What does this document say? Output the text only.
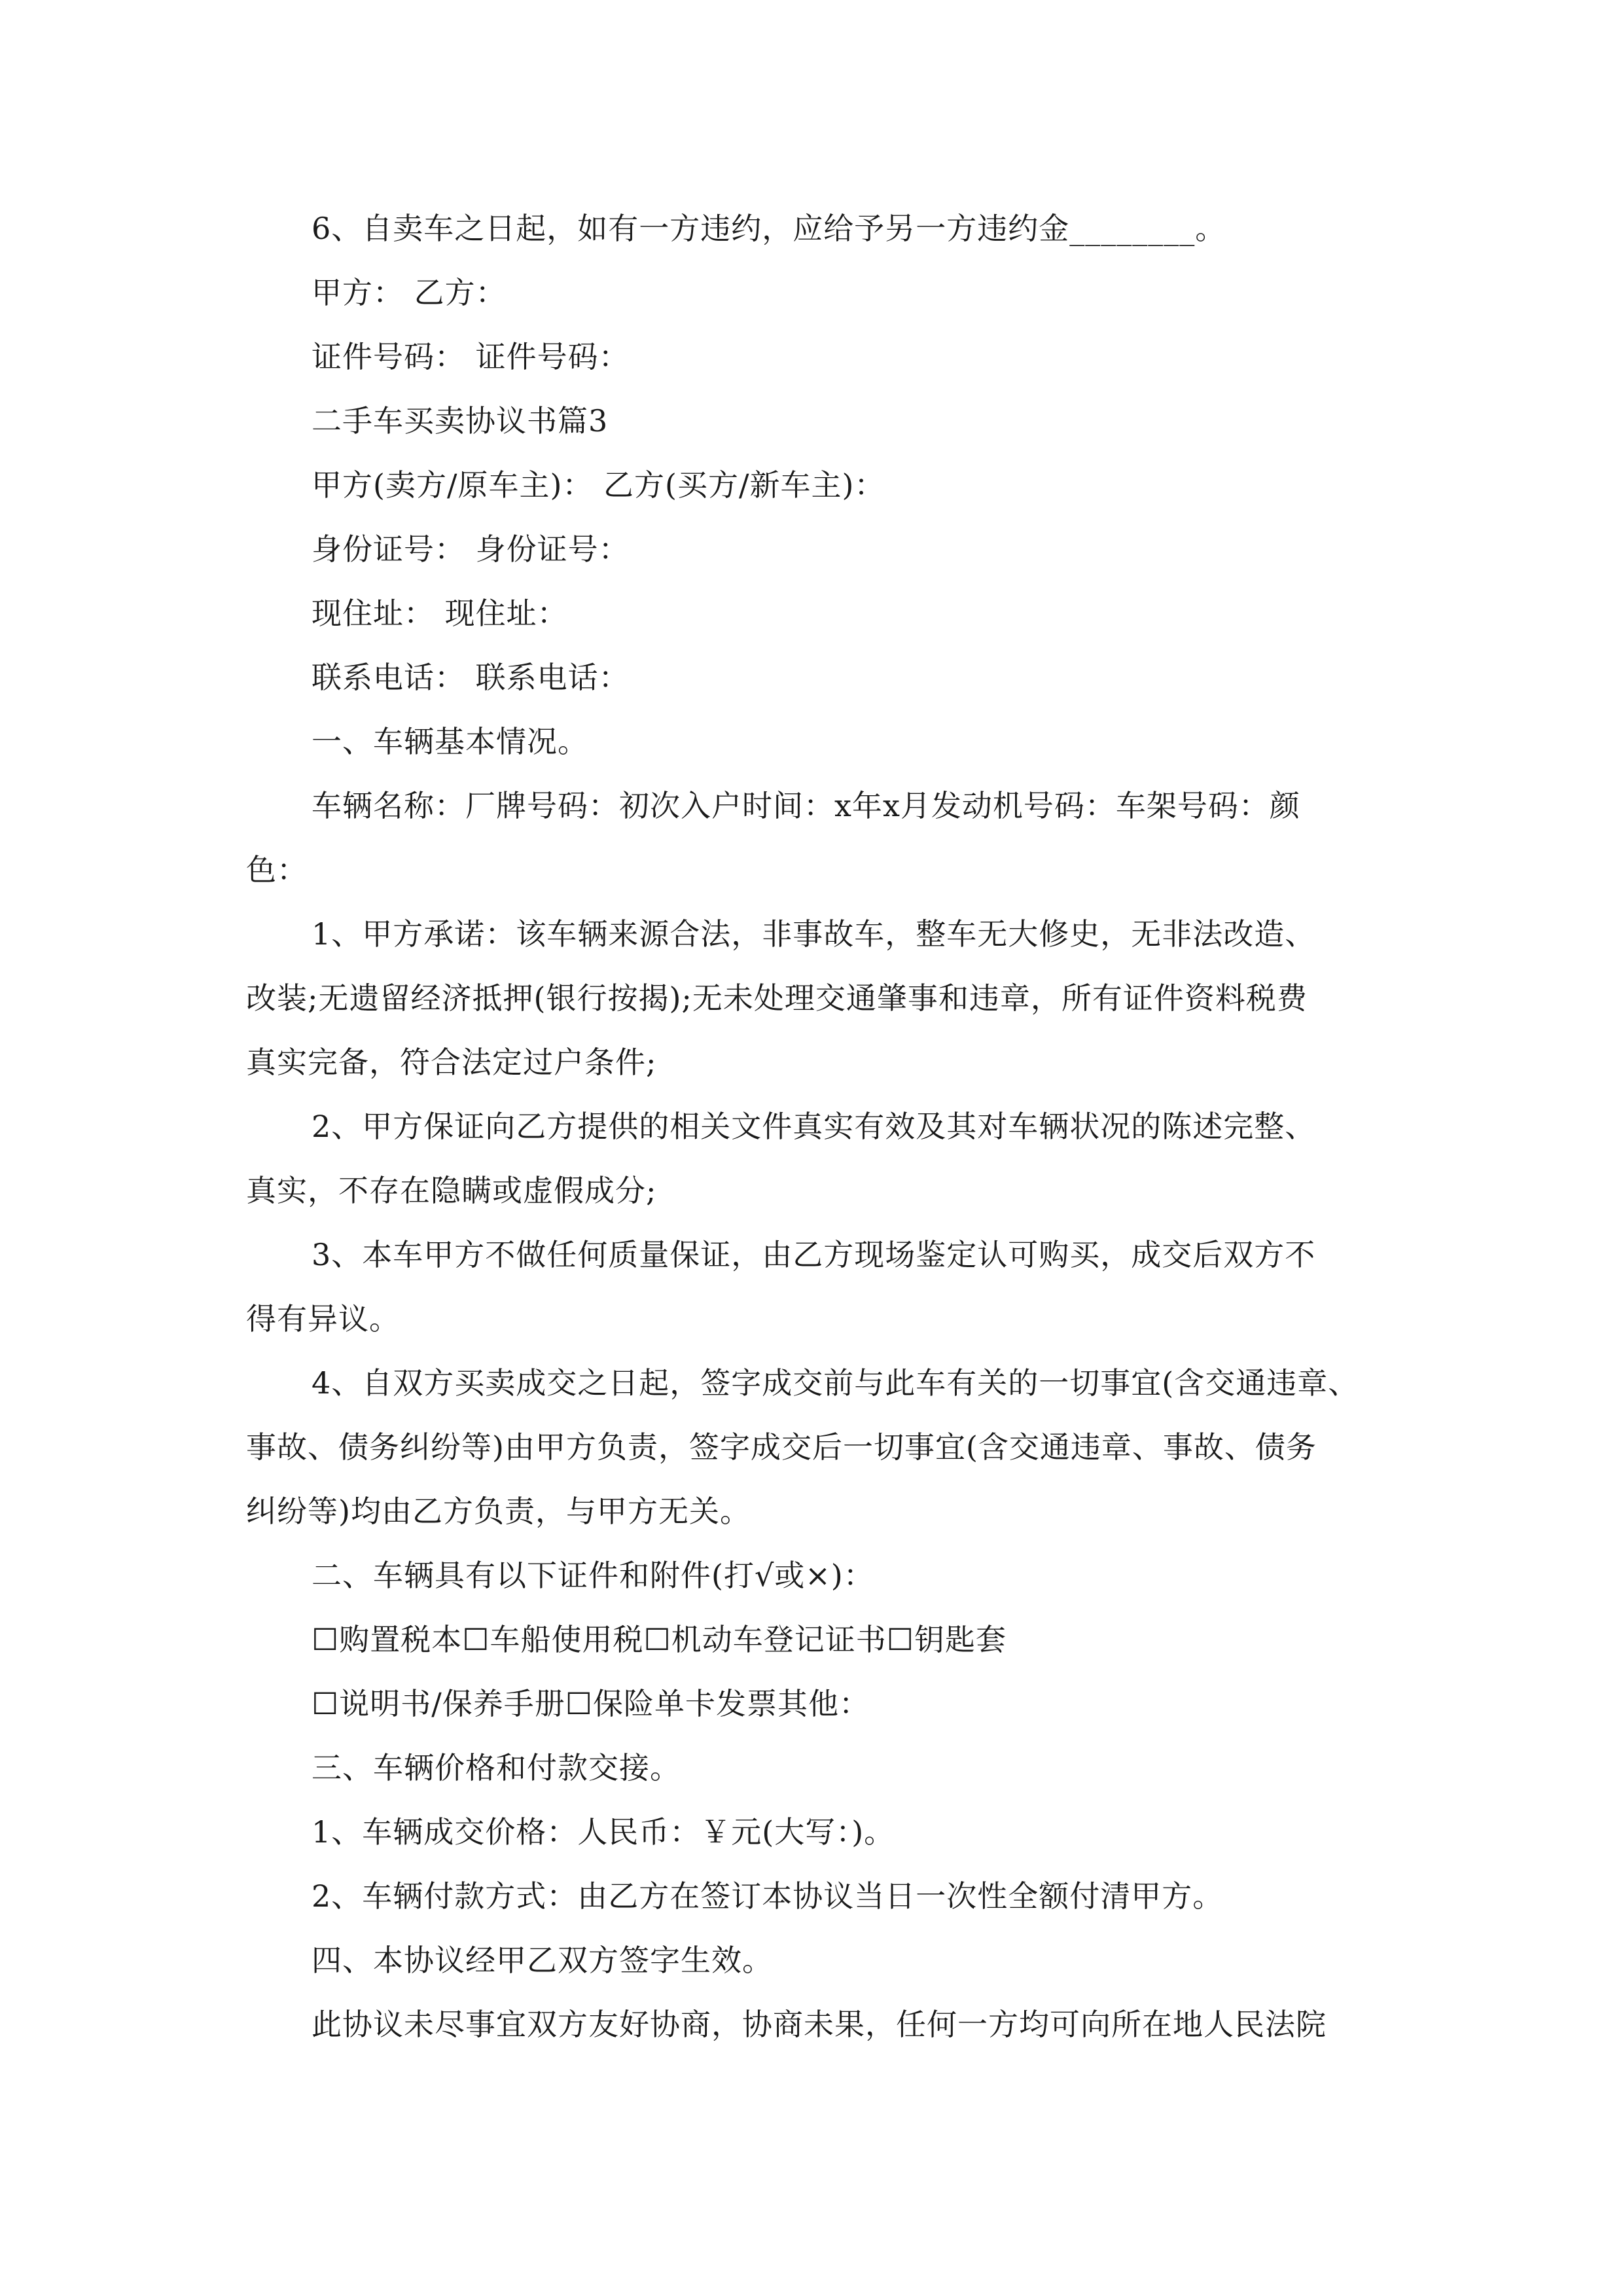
6、自卖车之日起，如有一方违约，应给予另一方违约金________。
甲方： 乙方：
证件号码： 证件号码：
二手车买卖协议书篇3
甲方(卖方/原车主)： 乙方(买方/新车主)：
身份证号： 身份证号：
现住址： 现住址：
联系电话： 联系电话：
一、车辆基本情况。
车辆名称：厂牌号码：初次入户时间：x年x月发动机号码：车架号码：颜
色：
1、甲方承诺：该车辆来源合法，非事故车，整车无大修史，无非法改造、
改装;无遗留经济抵押(银行按揭);无未处理交通肇事和违章，所有证件资料税费
真实完备，符合法定过户条件;
2、甲方保证向乙方提供的相关文件真实有效及其对车辆状况的陈述完整、
真实，不存在隐瞒或虚假成分;
3、本车甲方不做任何质量保证，由乙方现场鉴定认可购买，成交后双方不
得有异议。
4、自双方买卖成交之日起，签字成交前与此车有关的一切事宜(含交通违章、
事故、债务纠纷等)由甲方负责，签字成交后一切事宜(含交通违章、事故、债务
纠纷等)均由乙方负责，与甲方无关。
二、车辆具有以下证件和附件(打√或×)：
☐购置税本☐车船使用税☐机动车登记证书☐钥匙套
☐说明书/保养手册☐保险单卡发票其他：
三、车辆价格和付款交接。
1、车辆成交价格：人民币：￥元(大写：)。
2、车辆付款方式：由乙方在签订本协议当日一次性全额付清甲方。
四、本协议经甲乙双方签字生效。
此协议未尽事宜双方友好协商，协商未果，任何一方均可向所在地人民法院
